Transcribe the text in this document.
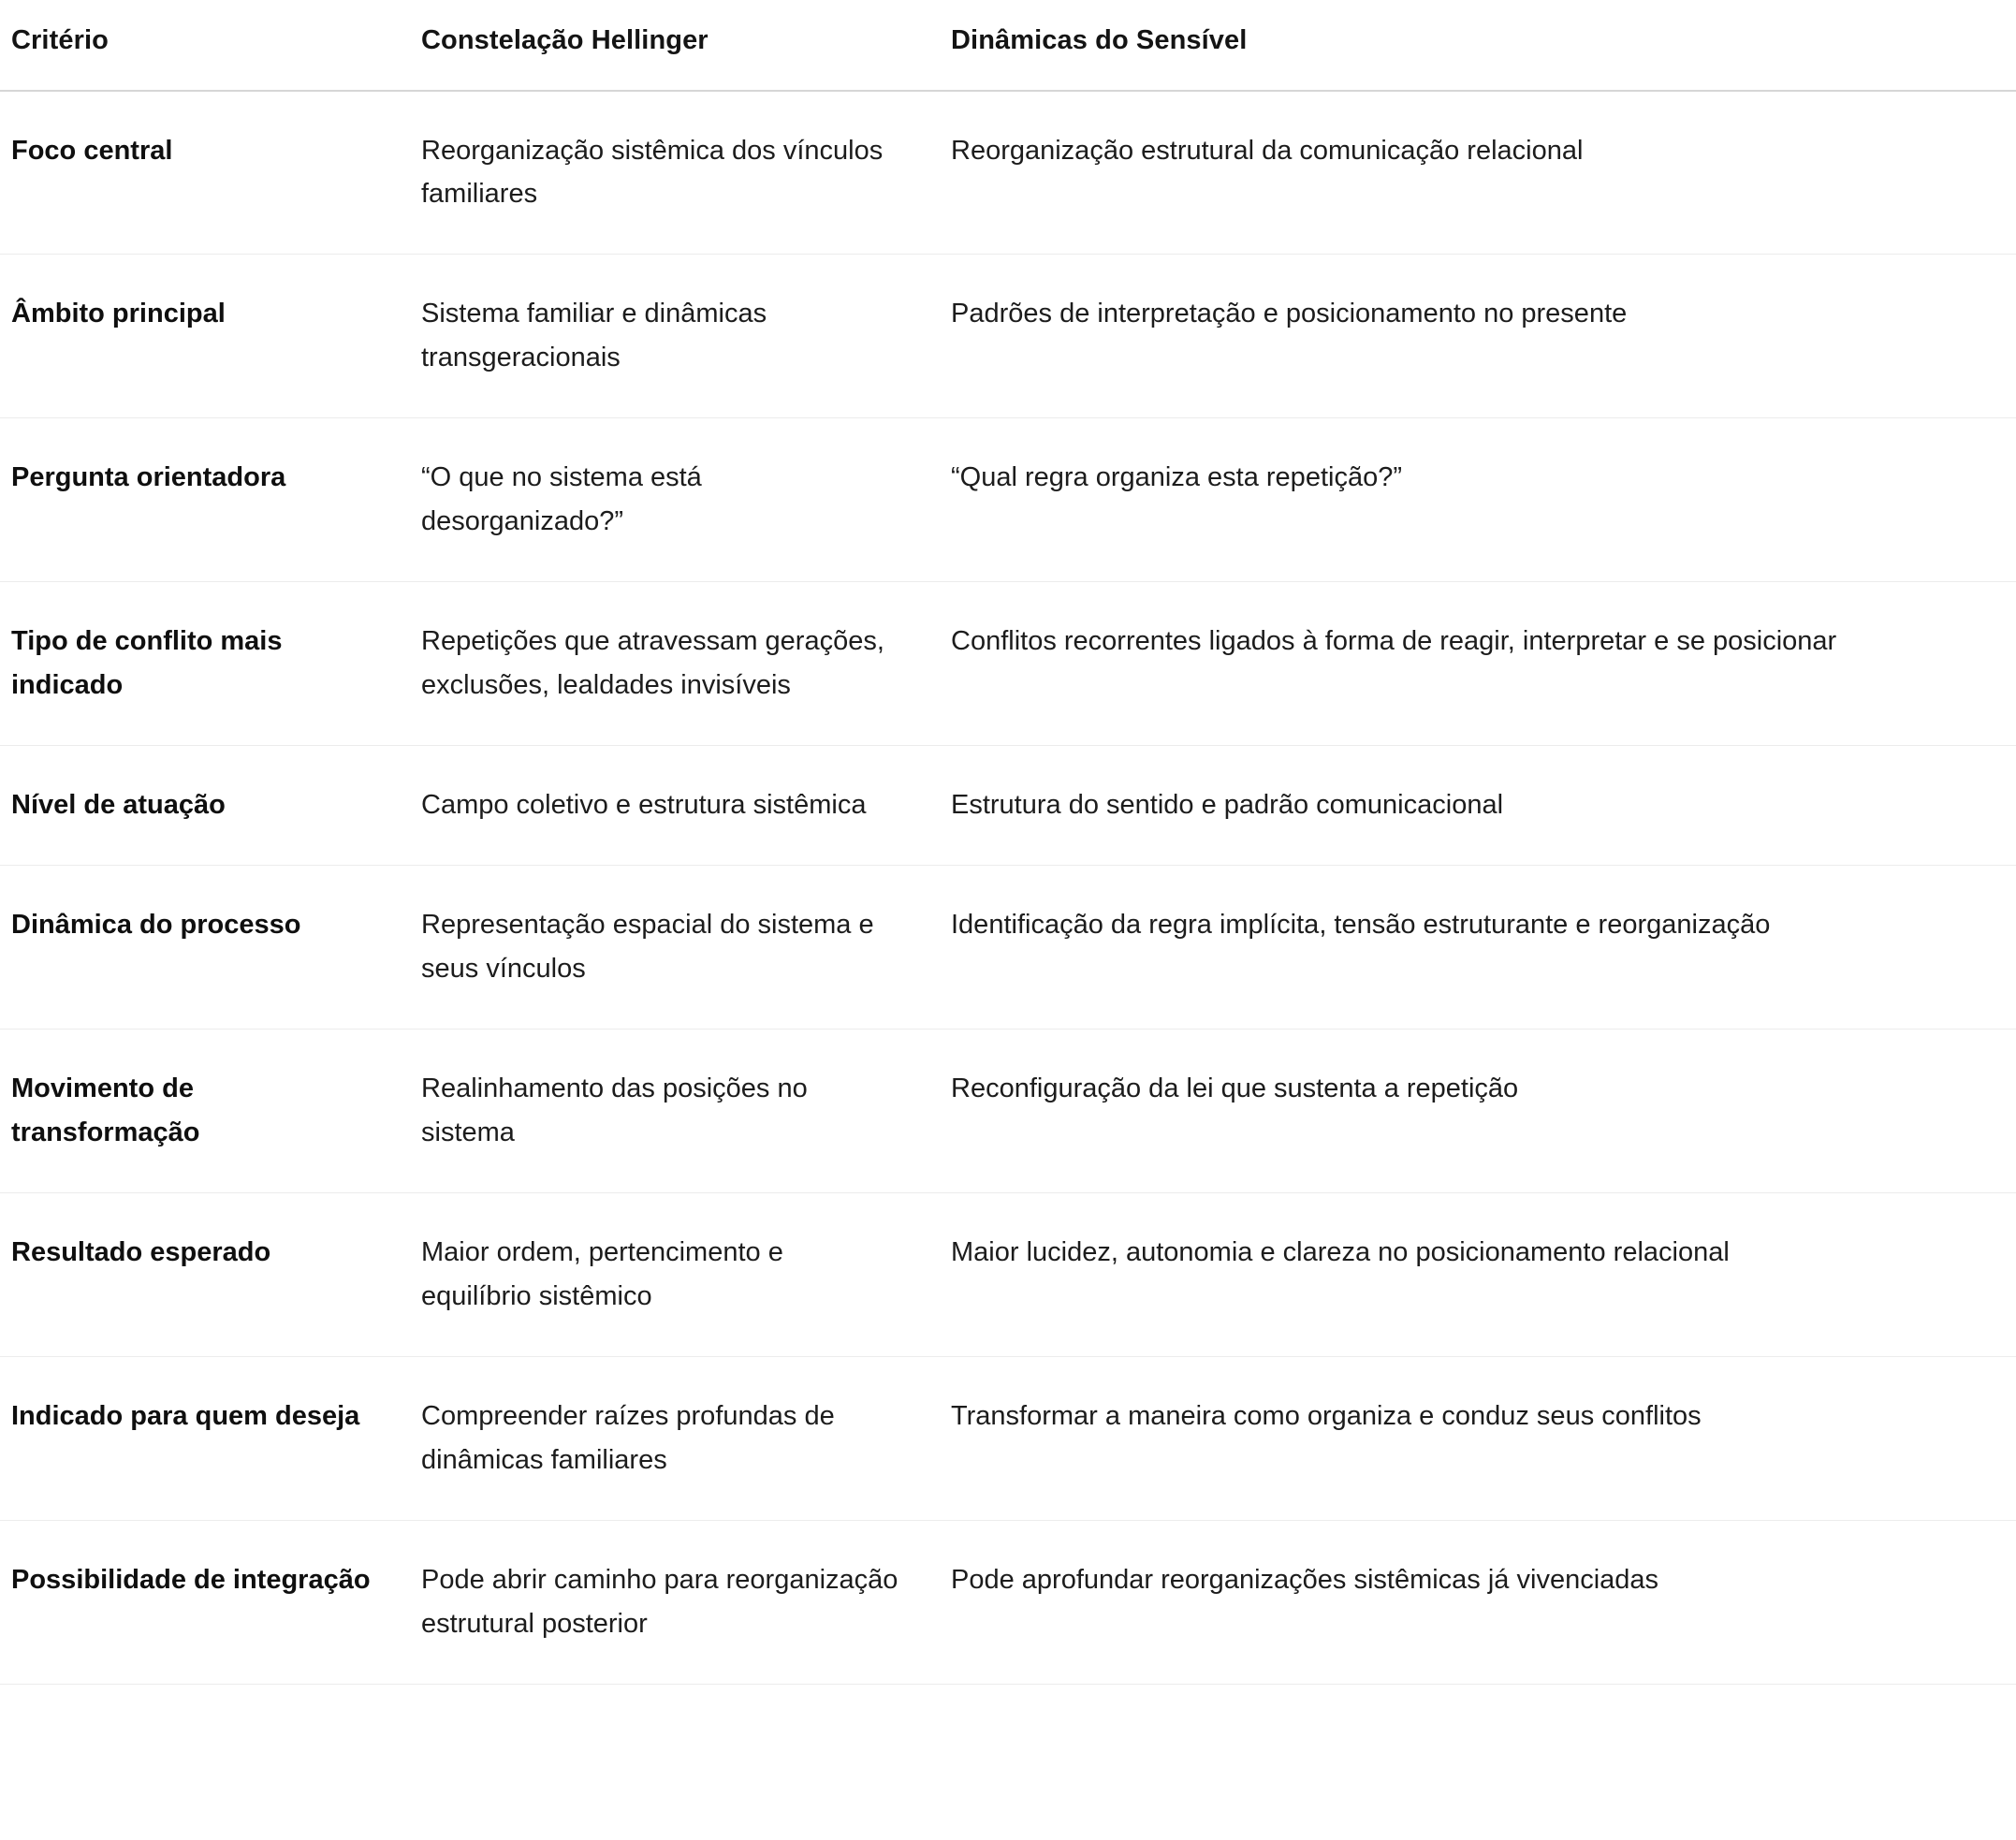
Critério	Constelação Hellinger	Dinâmicas do Sensível
Foco central	Reorganização sistêmica dos vínculos familiares	Reorganização estrutural da comunicação relacional
Âmbito principal	Sistema familiar e dinâmicas transgeracionais	Padrões de interpretação e posicionamento no presente
Pergunta orientadora	“O que no sistema está desorganizado?”	“Qual regra organiza esta repetição?”
Tipo de conflito mais indicado	Repetições que atravessam gerações, exclusões, lealdades invisíveis	Conflitos recorrentes ligados à forma de reagir, interpretar e se posicionar
Nível de atuação	Campo coletivo e estrutura sistêmica	Estrutura do sentido e padrão comunicacional
Dinâmica do processo	Representação espacial do sistema e seus vínculos	Identificação da regra implícita, tensão estruturante e reorganização
Movimento de transformação	Realinhamento das posições no sistema	Reconfiguração da lei que sustenta a repetição
Resultado esperado	Maior ordem, pertencimento e equilíbrio sistêmico	Maior lucidez, autonomia e clareza no posicionamento relacional
Indicado para quem deseja	Compreender raízes profundas de dinâmicas familiares	Transformar a maneira como organiza e conduz seus conflitos
Possibilidade de integração	Pode abrir caminho para reorganização estrutural posterior	Pode aprofundar reorganizações sistêmicas já vivenciadas
